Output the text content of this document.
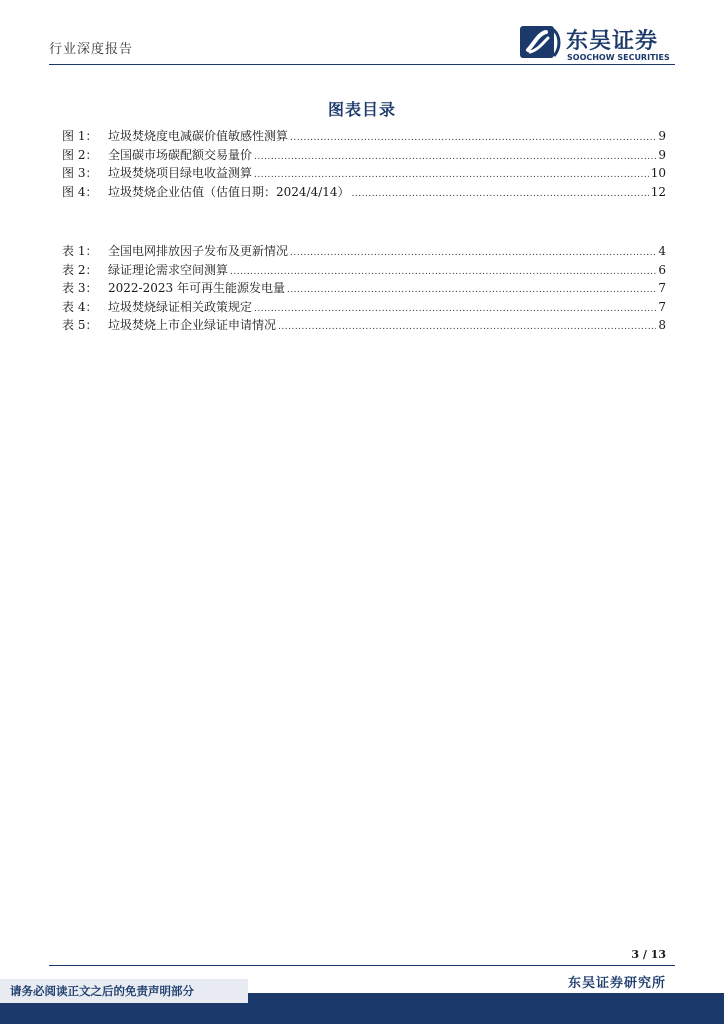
行业深度报告	东吴证券
SOOCHOW SECURITIES
图表目录
图 1： 垃圾焚烧度电减碳价值敏感性测算 .....	9
图 2： 全国碳市场碳配额交易量价 .....	9
图 3： 垃圾焚烧项目绿电收益测算 .....	10
图 4： 垃圾焚烧企业估值（估值日期：2024/4/14） .....	12
表 1： 全国电网排放因子发布及更新情况 .....	4
表 2： 绿证理论需求空间测算 .....	6
表 3： 2022-2023 年可再生能源发电量 .....	7
表 4： 垃圾焚烧绿证相关政策规定 .....	7
表 5： 垃圾焚烧上市企业绿证申请情况 .....	8
3 / 13
东吴证券研究所
请务必阅读正文之后的免责声明部分
